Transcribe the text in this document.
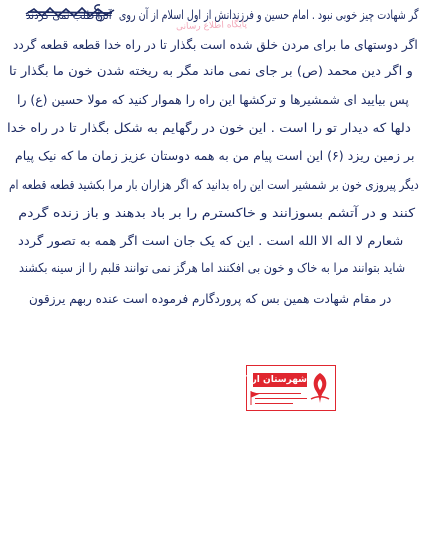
گر شهادت چیز خوبی نبود . امام حسین و فرزندانش از اول اسلام از آن روی
آنرا طلب نمی کردند
پایگاه اطلاع رسانی
اگر دوستهای ما برای مردن خلق شده است بگذار تا در راه خدا قطعه قطعه گردد
و اگر دین محمد (ص) بر جای نمی ماند مگر به ریخته شدن خون ما بگذار تا
پس بیایید ای شمشیرها و ترکشها این راه را هموار کنید که مولا حسین (ع) را
دلها که دیدار تو را است . این خون در رگهایم به شکل بگذار تا در راه خدا
بر زمین ریزد (۶) این است پیام من به همه دوستان عزیز زمان ما که نیک پیام
دیگر پیروزی خون بر شمشیر است این راه بدانید که اگر هزاران بار مرا بکشید قطعه قطعه ام
کنند و در آتشم بسوزانند و خاکسترم را بر باد بدهند و باز زنده گردم
شعارم لا اله الا الله است . این که یک جان است اگر همه به تصور گردد
شاید بتوانند مرا به خاک و خون بی افکنند اما هرگز نمی توانند قلبم را از سینه بکشند
در مقام شهادت همین بس که پروردگارم فرموده است عنده ربهم یرزقون
شهرستان اردکان
